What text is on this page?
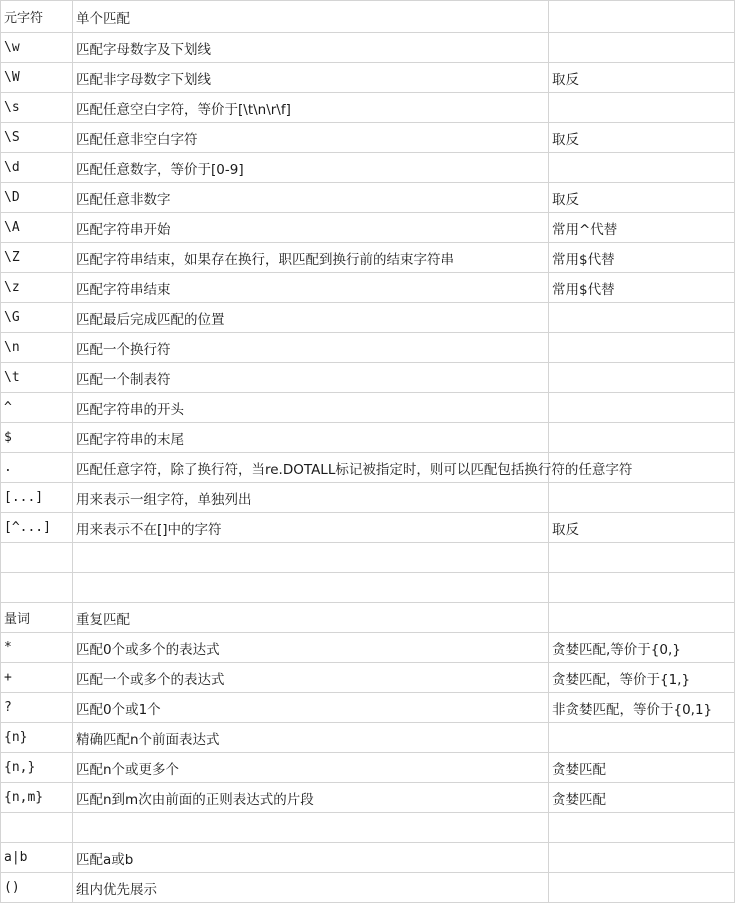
元字符	单个匹配	
\w	匹配字母数字及下划线	
\W	匹配非字母数字下划线	取反
\s	匹配任意空白字符，等价于[\t\n\r\f]	
\S	匹配任意非空白字符	取反
\d	匹配任意数字，等价于[0-9]	
\D	匹配任意非数字	取反
\A	匹配字符串开始	常用^代替
\Z	匹配字符串结束，如果存在换行，职匹配到换行前的结束字符串	常用$代替
\z	匹配字符串结束	常用$代替
\G	匹配最后完成匹配的位置	
\n	匹配一个换行符	
\t	匹配一个制表符	
^	匹配字符串的开头	
$	匹配字符串的末尾	
.	匹配任意字符，除了换行符，当re.DOTALL标记被指定时，则可以匹配包括换行符的任意字符	
[...]	用来表示一组字符，单独列出	
[^...]	用来表示不在[]中的字符	取反

量词	重复匹配	
*	匹配0个或多个的表达式	贪婪匹配,等价于{0,}
+	匹配一个或多个的表达式	贪婪匹配，等价于{1,}
?	匹配0个或1个	非贪婪匹配，等价于{0,1}
{n}	精确匹配n个前面表达式	
{n,}	匹配n个或更多个	贪婪匹配
{n,m}	匹配n到m次由前面的正则表达式的片段	贪婪匹配

a|b	匹配a或b	
()	组内优先展示	
